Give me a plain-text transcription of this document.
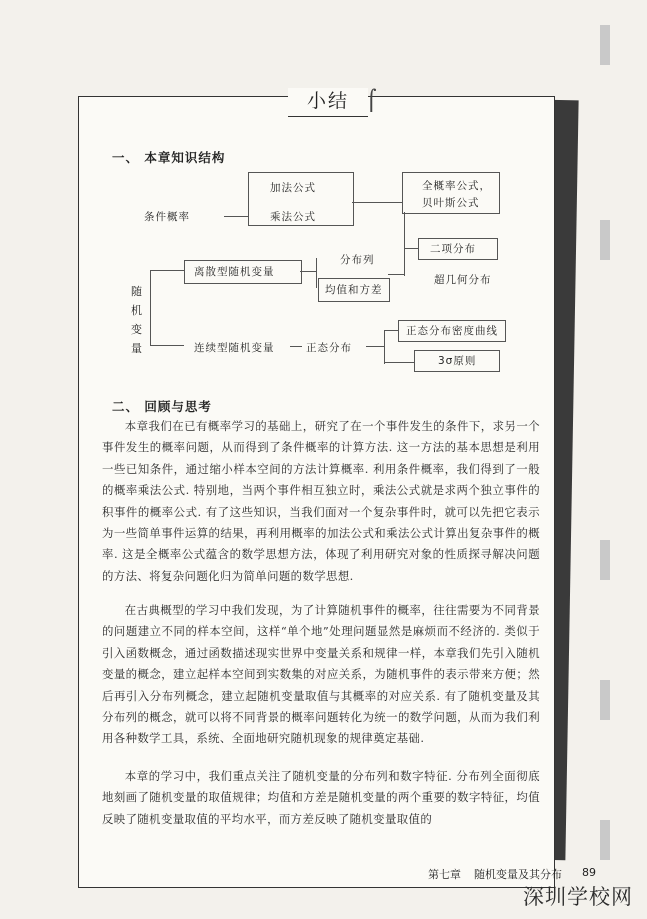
小结 ⌠
一、 本章知识结构
条件概率
加法公式
乘法公式
全概率公式，
贝叶斯公式
随机变量
离散型随机变量
分布列
均值和方差
二项分布
超几何分布
连续型随机变量	正态分布
正态分布密度曲线
3σ原则
二、 回顾与思考
本章我们在已有概率学习的基础上，研究了在一个事件发生的条件下，求另一个事件发生的概率问题，从而得到了条件概率的计算方法. 这一方法的基本思想是利用一些已知条件，通过缩小样本空间的方法计算概率. 利用条件概率，我们得到了一般的概率乘法公式. 特别地，当两个事件相互独立时，乘法公式就是求两个独立事件的积事件的概率公式. 有了这些知识，当我们面对一个复杂事件时，就可以先把它表示为一些简单事件运算的结果，再利用概率的加法公式和乘法公式计算出复杂事件的概率. 这是全概率公式蕴含的数学思想方法，体现了利用研究对象的性质探寻解决问题的方法、将复杂问题化归为简单问题的数学思想.
在古典概型的学习中我们发现，为了计算随机事件的概率，往往需要为不同背景的问题建立不同的样本空间，这样“单个地”处理问题显然是麻烦而不经济的. 类似于引入函数概念，通过函数描述现实世界中变量关系和规律一样，本章我们先引入随机变量的概念，建立起样本空间到实数集的对应关系，为随机事件的表示带来方便；然后再引入分布列概念，建立起随机变量取值与其概率的对应关系. 有了随机变量及其分布列的概念，就可以将不同背景的概率问题转化为统一的数学问题，从而为我们利用各种数学工具，系统、全面地研究随机现象的规律奠定基础.
本章的学习中，我们重点关注了随机变量的分布列和数字特征. 分布列全面彻底地刻画了随机变量的取值规律；均值和方差是随机变量的两个重要的数字特征，均值反映了随机变量取值的平均水平，而方差反映了随机变量取值的
第七章 随机变量及其分布 89
深圳学校网
